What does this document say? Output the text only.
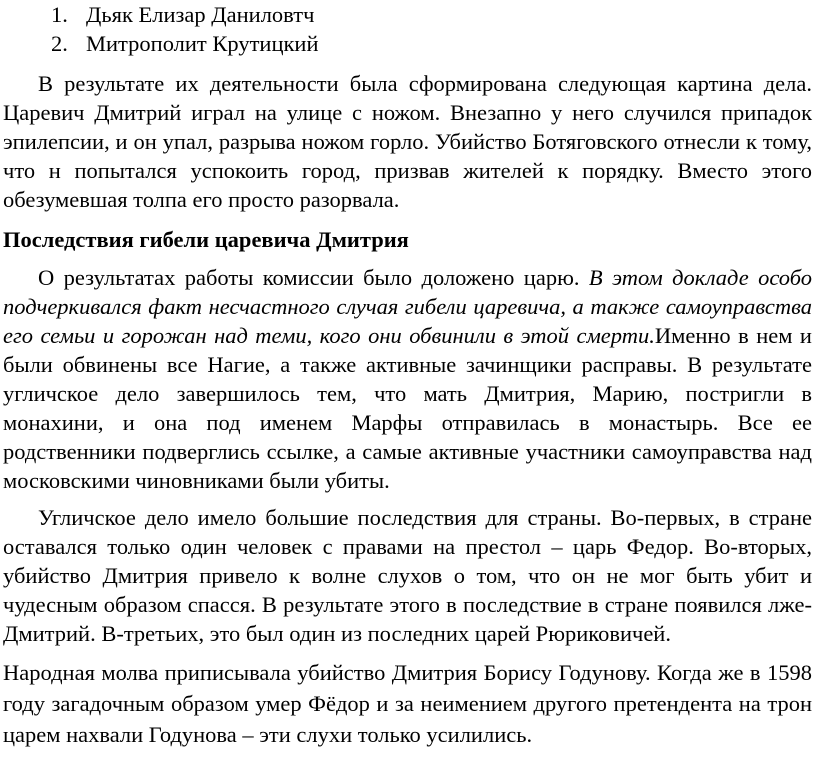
1. Дьяк Елизар Даниловтч
2. Митрополит Крутицкий

В результате их деятельности была сформирована следующая картина дела. Царевич Дмитрий играл на улице с ножом. Внезапно у него случился припадок эпилепсии, и он упал, разрыва ножом горло. Убийство Ботяговского отнесли к тому, что н попытался успокоить город, призвав жителей к порядку. Вместо этого обезумевшая толпа его просто разорвала.

Последствия гибели царевича Дмитрия

О результатах работы комиссии было доложено царю. В этом докладе особо подчеркивался факт несчастного случая гибели царевича, а также самоуправства его семьи и горожан над теми, кого они обвинили в этой смерти.Именно в нем и были обвинены все Нагие, а также активные зачинщики расправы. В результате угличское дело завершилось тем, что мать Дмитрия, Марию, постригли в монахини, и она под именем Марфы отправилась в монастырь. Все ее родственники подверглись ссылке, а самые активные участники самоуправства над московскими чиновниками были убиты.

Угличское дело имело большие последствия для страны. Во-первых, в стране оставался только один человек с правами на престол – царь Федор. Во-вторых, убийство Дмитрия привело к волне слухов о том, что он не мог быть убит и чудесным образом спасся. В результате этого в последствие в стране появился лже-Дмитрий. В-третьих, это был один из последних царей Рюриковичей.

Народная молва приписывала убийство Дмитрия Борису Годунову. Когда же в 1598 году загадочным образом умер Фёдор и за неимением другого претендента на трон царем нахвали Годунова – эти слухи только усилились.
